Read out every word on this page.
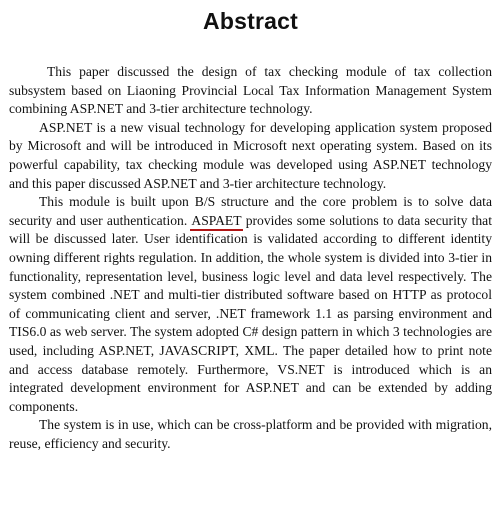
Abstract

This paper discussed the design of tax checking module of tax collection subsystem based on Liaoning Provincial Local Tax Information Management System combining ASP.NET and 3-tier architecture technology.

ASP.NET is a new visual technology for developing application system proposed by Microsoft and will be introduced in Microsoft next operating system. Based on its powerful capability, tax checking module was developed using ASP.NET technology and this paper discussed ASP.NET and 3-tier architecture technology.

This module is built upon B/S structure and the core problem is to solve data security and user authentication. ASPAET provides some solutions to data security that will be discussed later. User identification is validated according to different identity owning different rights regulation. In addition, the whole system is divided into 3-tier in functionality, representation level, business logic level and data level respectively. The system combined .NET and multi-tier distributed software based on HTTP as protocol of communicating client and server, .NET framework 1.1 as parsing environment and TIS6.0 as web server. The system adopted C# design pattern in which 3 technologies are used, including ASP.NET, JAVASCRIPT, XML. The paper detailed how to print note and access database remotely. Furthermore, VS.NET is introduced which is an integrated development environment for ASP.NET and can be extended by adding components.

The system is in use, which can be cross-platform and be provided with migration, reuse, efficiency and security.
